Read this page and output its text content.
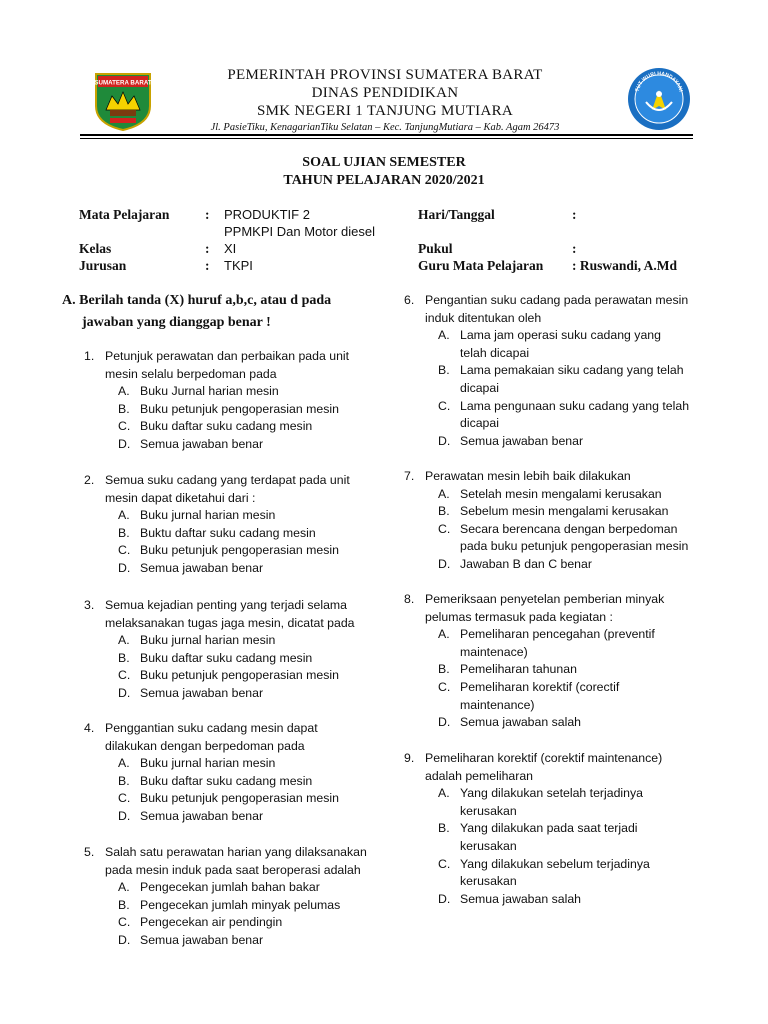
SUMATERA BARAT	PEMERINTAH PROVINSI SUMATERA BARAT
DINAS PENDIDIKAN
SMK NEGERI 1 TANJUNG MUTIARA
Jl. PasieTiku, KenagarianTiku Selatan – Kec. TanjungMutiara – Kab. Agam 26473
TUT WURI HANDAYANI
SOAL UJIAN SEMESTER
TAHUN PELAJARAN 2020/2021
Mata Pelajaran	: PRODUKTIF 2
PPMKPI Dan Motor diesel
Kelas	: XI
Jurusan	: TKPI
Hari/Tanggal	:
Pukul	:
Guru Mata Pelajaran : Ruswandi, A.Md
A. Berilah tanda (X) huruf a,b,c, atau d pada
jawaban yang dianggap benar !
1. Petunjuk perawatan dan perbaikan pada unit
mesin selalu berpedoman pada
A. Buku Jurnal harian mesin
B. Buku petunjuk pengoperasian mesin
C. Buku daftar suku cadang mesin
D. Semua jawaban benar
2. Semua suku cadang yang terdapat pada unit
mesin dapat diketahui dari :
A. Buku jurnal harian mesin
B. Buktu daftar suku cadang mesin
C. Buku petunjuk pengoperasian mesin
D. Semua jawaban benar
3. Semua kejadian penting yang terjadi selama
melaksanakan tugas jaga mesin, dicatat pada
A. Buku jurnal harian mesin
B. Buku daftar suku cadang mesin
C. Buku petunjuk pengoperasian mesin
D. Semua jawaban benar
4. Penggantian suku cadang mesin dapat
dilakukan dengan berpedoman pada
A. Buku jurnal harian mesin
B. Buku daftar suku cadang mesin
C. Buku petunjuk pengoperasian mesin
D. Semua jawaban benar
5. Salah satu perawatan harian yang dilaksanakan
pada mesin induk pada saat beroperasi adalah
A. Pengecekan jumlah bahan bakar
B. Pengecekan jumlah minyak pelumas
C. Pengecekan air pendingin
D. Semua jawaban benar
6. Pengantian suku cadang pada perawatan mesin
induk ditentukan oleh
A. Lama jam operasi suku cadang yang
telah dicapai
B. Lama pemakaian siku cadang yang telah
dicapai
C. Lama pengunaan suku cadang yang telah
dicapai
D. Semua jawaban benar
7. Perawatan mesin lebih baik dilakukan
A. Setelah mesin mengalami kerusakan
B. Sebelum mesin mengalami kerusakan
C. Secara berencana dengan berpedoman
pada buku petunjuk pengoperasian mesin
D. Jawaban B dan C benar
8. Pemeriksaan penyetelan pemberian minyak
pelumas termasuk pada kegiatan :
A. Pemeliharan pencegahan (preventif
maintenace)
B. Pemeliharan tahunan
C. Pemeliharan korektif (corectif
maintenance)
D. Semua jawaban salah
9. Pemeliharan korektif (corektif maintenance)
adalah pemeliharan
A. Yang dilakukan setelah terjadinya
kerusakan
B. Yang dilakukan pada saat terjadi
kerusakan
C. Yang dilakukan sebelum terjadinya
kerusakan
D. Semua jawaban salah
